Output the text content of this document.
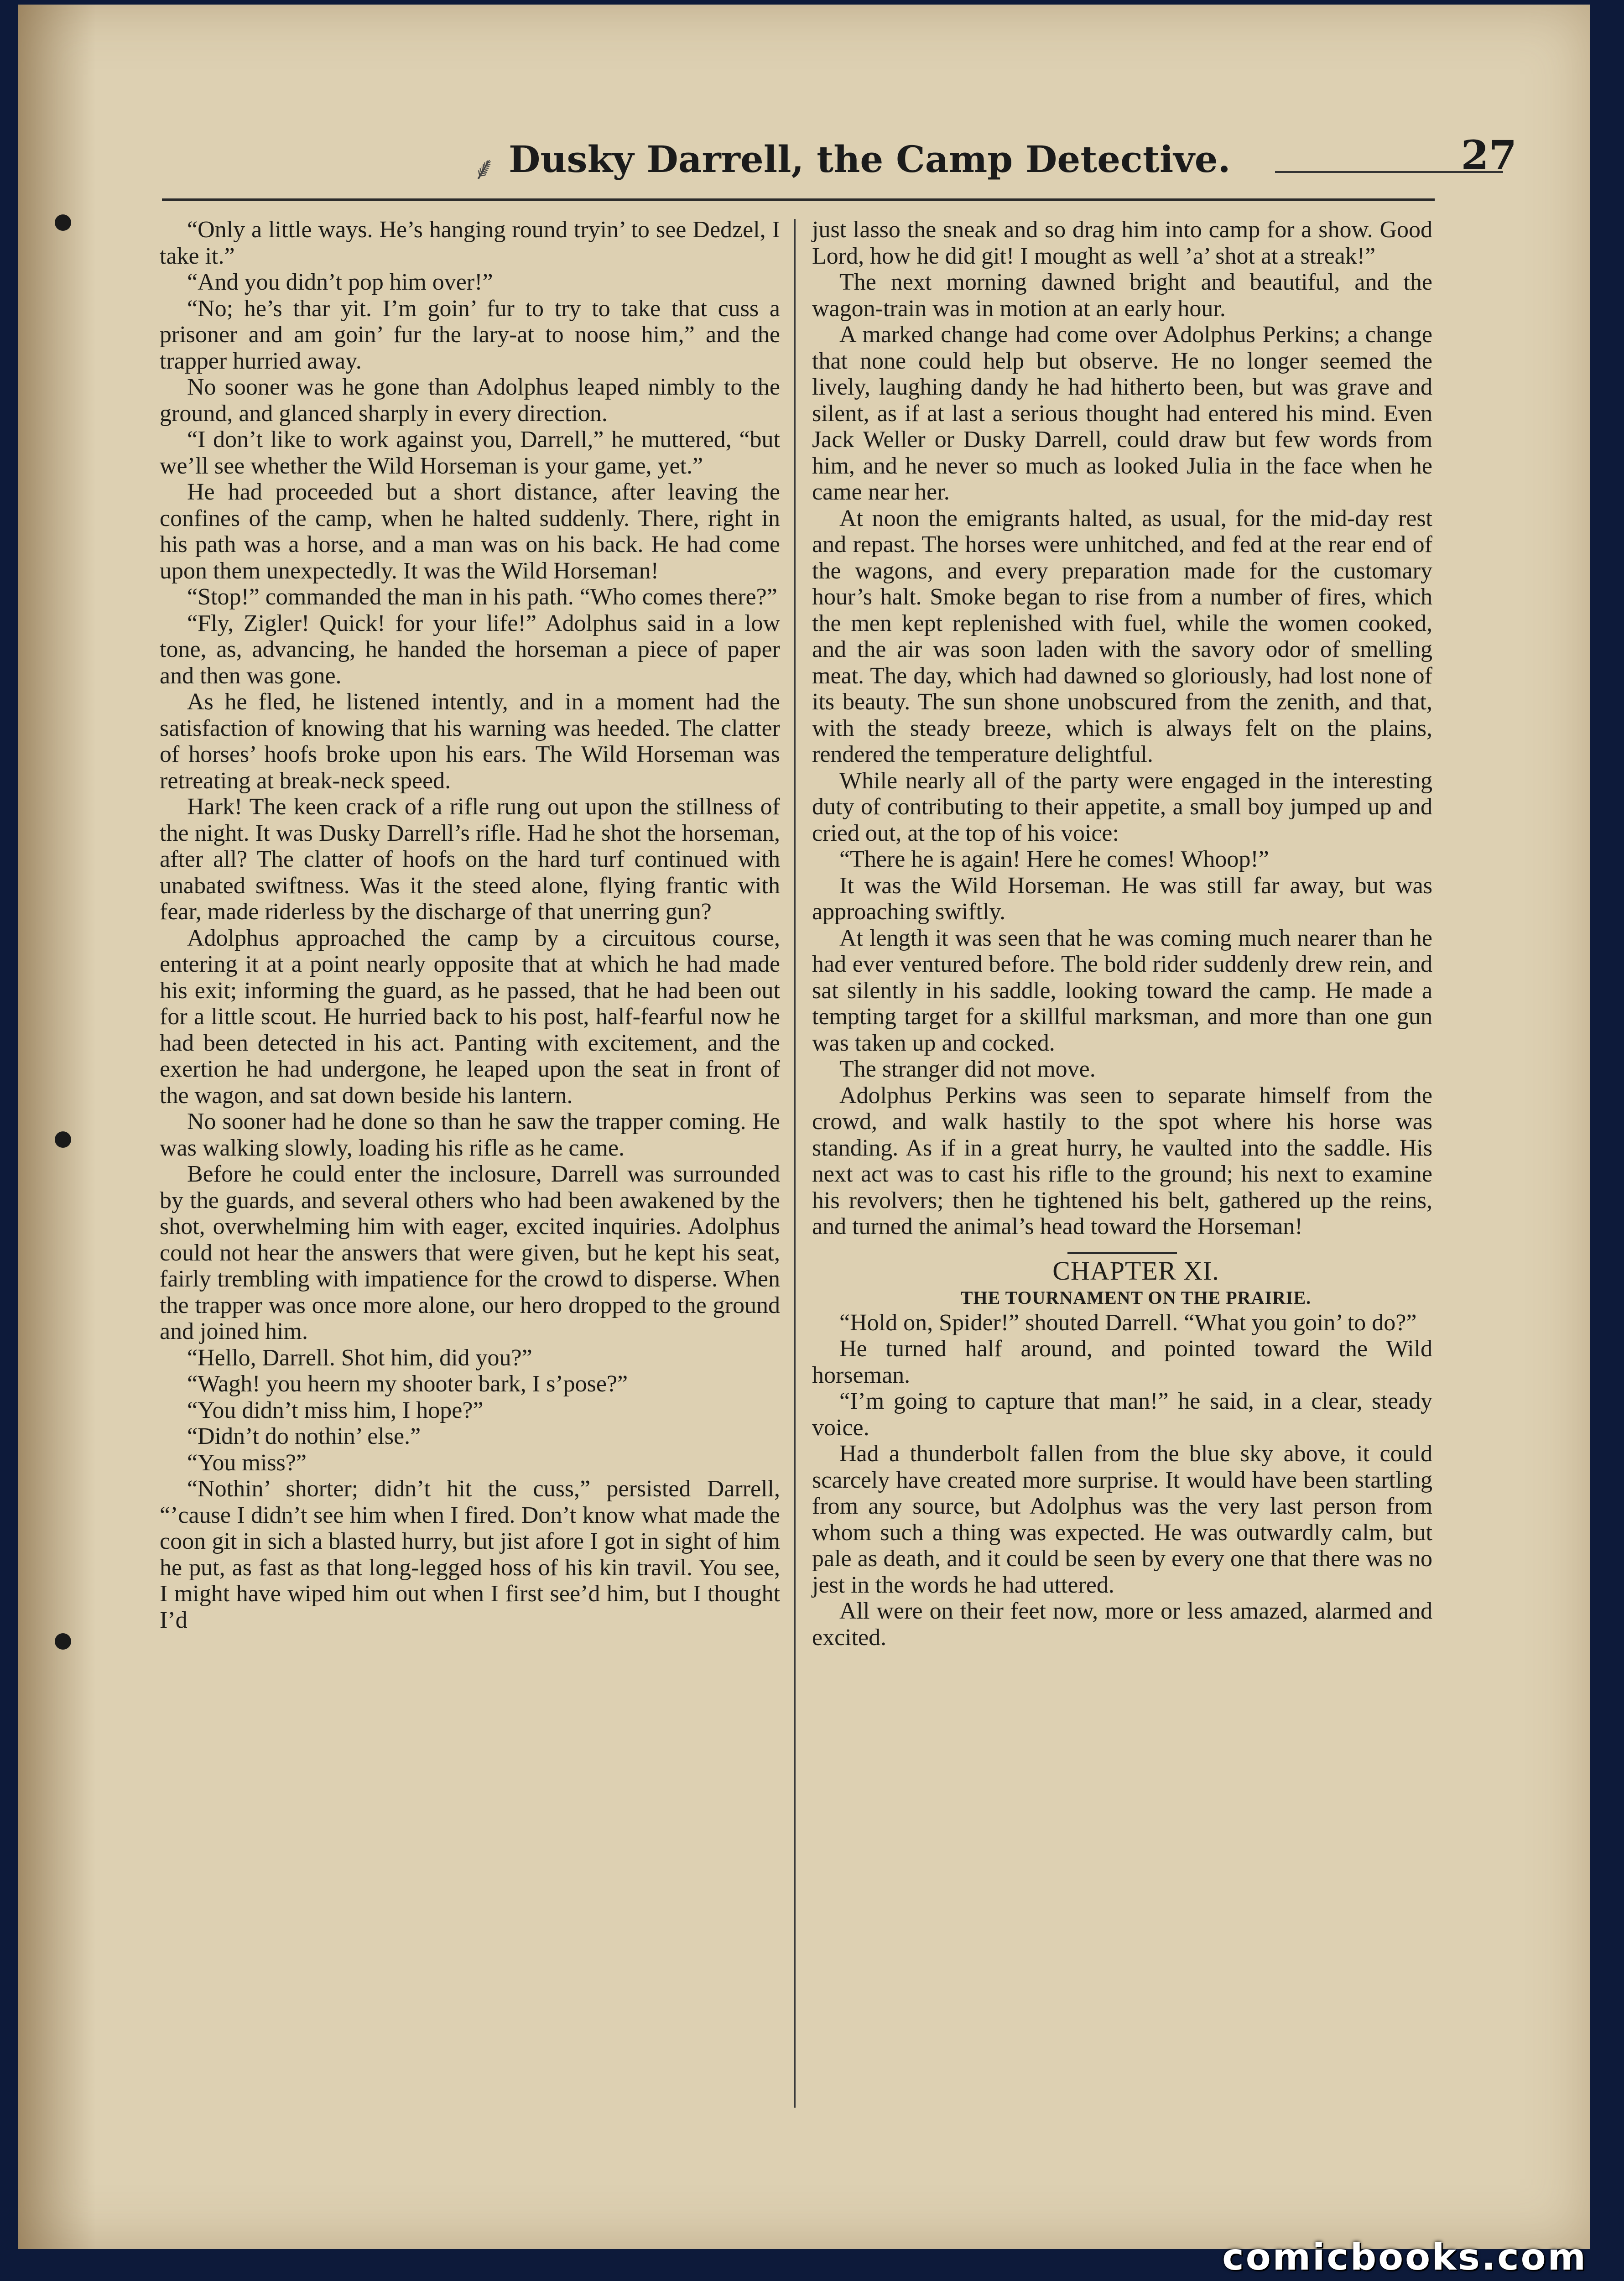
⸙ Dusky Darrell, the Camp Detective.	27

“Only a little ways. He’s hanging round tryin’ to see Dedzel, I take it.”

“And you didn’t pop him over!”

“No; he’s thar yit. I’m goin’ fur to try to take that cuss a prisoner and am goin’ fur the lary-at to noose him,” and the trapper hurried away.

No sooner was he gone than Adolphus leaped nimbly to the ground, and glanced sharply in every direction.

“I don’t like to work against you, Darrell,” he muttered, “but we’ll see whether the Wild Horseman is your game, yet.”

He had proceeded but a short distance, after leaving the confines of the camp, when he halted suddenly. There, right in his path was a horse, and a man was on his back. He had come upon them unexpectedly. It was the Wild Horseman!

“Stop!” commanded the man in his path. “Who comes there?”

“Fly, Zigler! Quick! for your life!” Adolphus said in a low tone, as, advancing, he handed the horseman a piece of paper and then was gone.

As he fled, he listened intently, and in a moment had the satisfaction of knowing that his warning was heeded. The clatter of horses’ hoofs broke upon his ears. The Wild Horseman was retreating at break-neck speed.

Hark! The keen crack of a rifle rung out upon the stillness of the night. It was Dusky Darrell’s rifle. Had he shot the horseman, after all? The clatter of hoofs on the hard turf continued with unabated swiftness. Was it the steed alone, flying frantic with fear, made riderless by the discharge of that unerring gun?

Adolphus approached the camp by a circuitous course, entering it at a point nearly opposite that at which he had made his exit; informing the guard, as he passed, that he had been out for a little scout. He hurried back to his post, half-fearful now he had been detected in his act. Panting with excitement, and the exertion he had undergone, he leaped upon the seat in front of the wagon, and sat down beside his lantern.

No sooner had he done so than he saw the trapper coming. He was walking slowly, loading his rifle as he came.

Before he could enter the inclosure, Darrell was surrounded by the guards, and several others who had been awakened by the shot, overwhelming him with eager, excited inquiries. Adolphus could not hear the answers that were given, but he kept his seat, fairly trembling with impatience for the crowd to disperse. When the trapper was once more alone, our hero dropped to the ground and joined him.

“Hello, Darrell. Shot him, did you?”

“Wagh! you heern my shooter bark, I s’pose?”

“You didn’t miss him, I hope?”

“Didn’t do nothin’ else.”

“You miss?”

“Nothin’ shorter; didn’t hit the cuss,” persisted Darrell, “’cause I didn’t see him when I fired. Don’t know what made the coon git in sich a blasted hurry, but jist afore I got in sight of him he put, as fast as that long-legged hoss of his kin travil. You see, I might have wiped him out when I first see’d him, but I thought I’d

just lasso the sneak and so drag him into camp for a show. Good Lord, how he did git! I mought as well ’a’ shot at a streak!”

The next morning dawned bright and beautiful, and the wagon-train was in motion at an early hour.

A marked change had come over Adolphus Perkins; a change that none could help but observe. He no longer seemed the lively, laughing dandy he had hitherto been, but was grave and silent, as if at last a serious thought had entered his mind. Even Jack Weller or Dusky Darrell, could draw but few words from him, and he never so much as looked Julia in the face when he came near her.

At noon the emigrants halted, as usual, for the mid-day rest and repast. The horses were unhitched, and fed at the rear end of the wagons, and every preparation made for the customary hour’s halt. Smoke began to rise from a number of fires, which the men kept replenished with fuel, while the women cooked, and the air was soon laden with the savory odor of smelling meat. The day, which had dawned so gloriously, had lost none of its beauty. The sun shone unobscured from the zenith, and that, with the steady breeze, which is always felt on the plains, rendered the temperature delightful.

While nearly all of the party were engaged in the interesting duty of contributing to their appetite, a small boy jumped up and cried out, at the top of his voice:

“There he is again! Here he comes! Whoop!”

It was the Wild Horseman. He was still far away, but was approaching swiftly.

At length it was seen that he was coming much nearer than he had ever ventured before. The bold rider suddenly drew rein, and sat silently in his saddle, looking toward the camp. He made a tempting target for a skillful marksman, and more than one gun was taken up and cocked.

The stranger did not move.

Adolphus Perkins was seen to separate himself from the crowd, and walk hastily to the spot where his horse was standing. As if in a great hurry, he vaulted into the saddle. His next act was to cast his rifle to the ground; his next to examine his revolvers; then he tightened his belt, gathered up the reins, and turned the animal’s head toward the Horseman!

CHAPTER XI.

THE TOURNAMENT ON THE PRAIRIE.

“Hold on, Spider!” shouted Darrell. “What you goin’ to do?”

He turned half around, and pointed toward the Wild horseman.

“I’m going to capture that man!” he said, in a clear, steady voice.

Had a thunderbolt fallen from the blue sky above, it could scarcely have created more surprise. It would have been startling from any source, but Adolphus was the very last person from whom such a thing was expected. He was outwardly calm, but pale as death, and it could be seen by every one that there was no jest in the words he had uttered.

All were on their feet now, more or less amazed, alarmed and excited.

comicbooks.com
